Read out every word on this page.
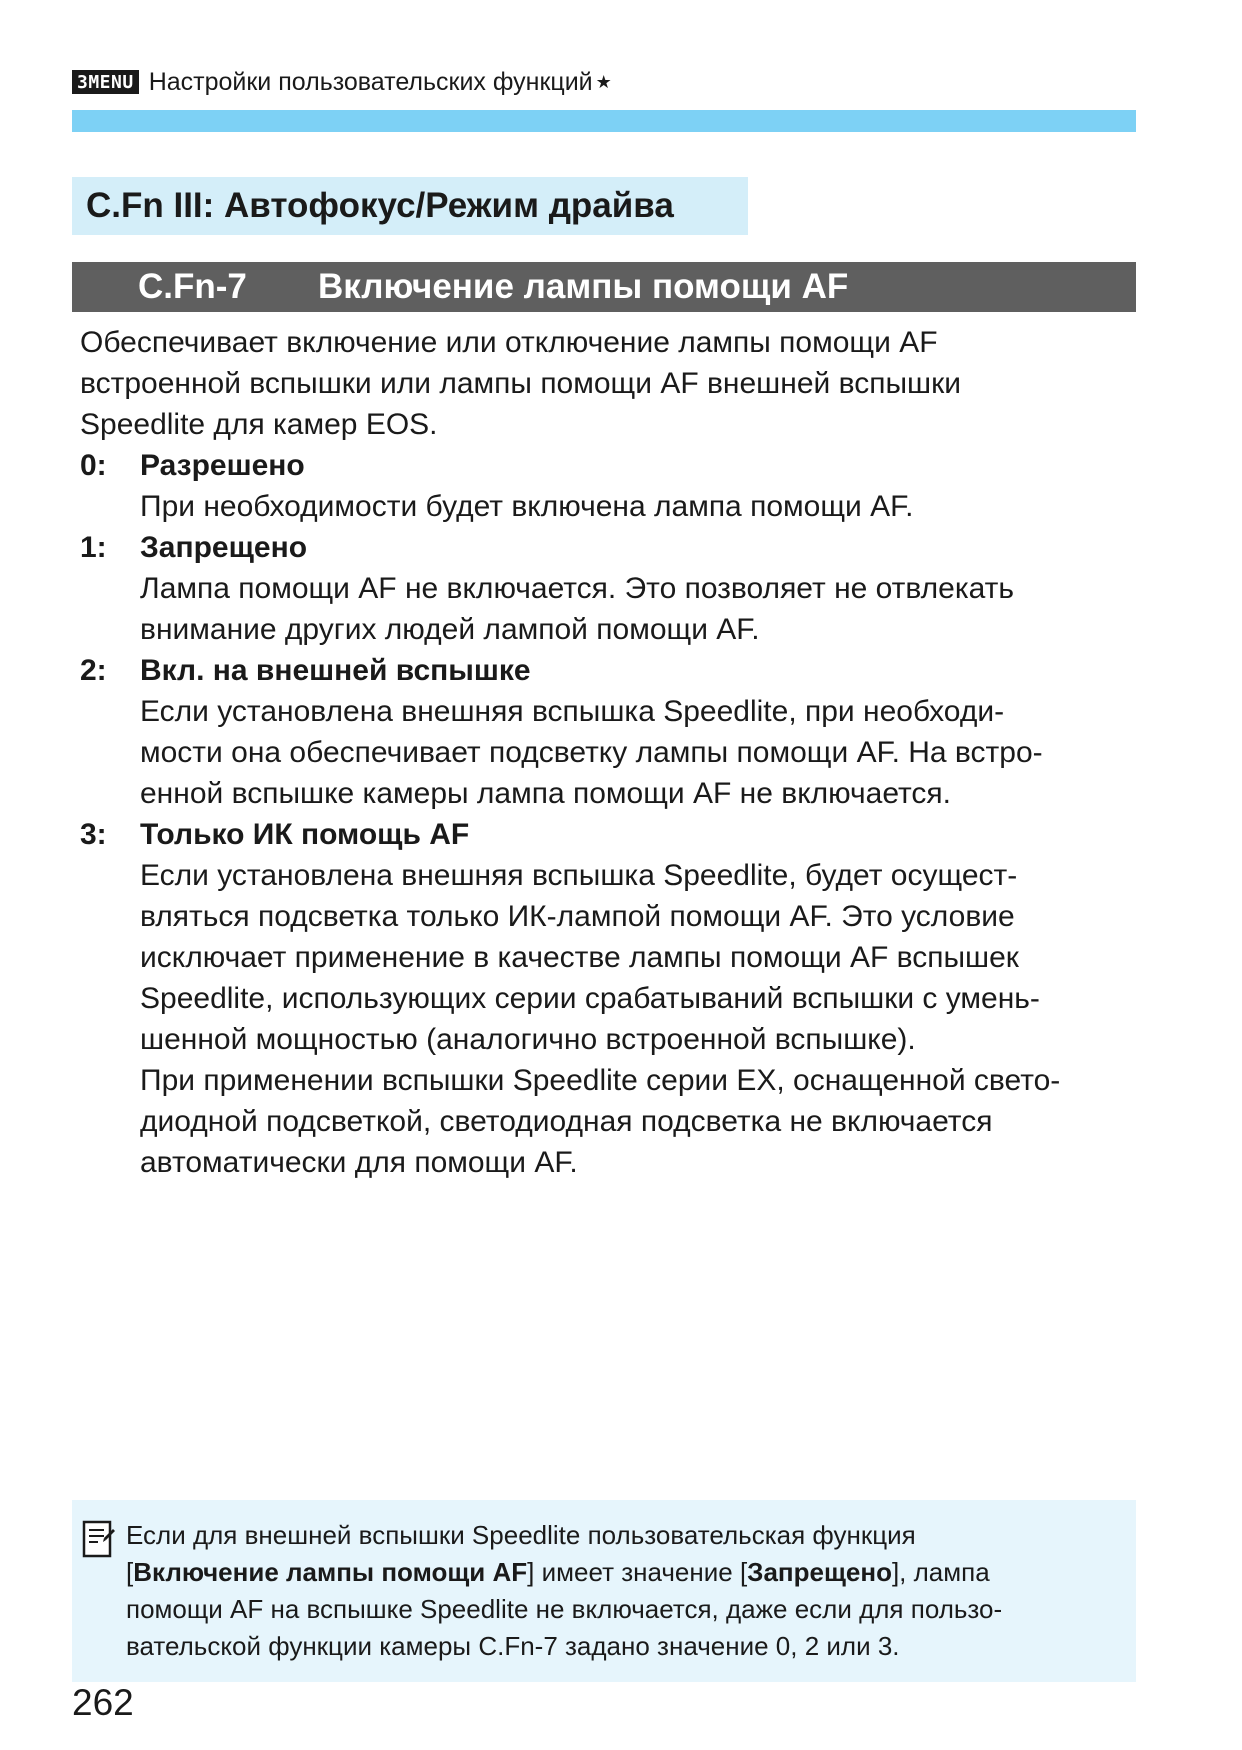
3MENU Настройки пользовательских функций ★
C.Fn III: Автофокус/Режим драйва
C.Fn-7	Включение лампы помощи AF
Обеспечивает включение или отключение лампы помощи AF
встроенной вспышки или лампы помощи AF внешней вспышки
Speedlite для камер EOS.
0:	Разрешено
При необходимости будет включена лампа помощи AF.
1:	Запрещено
Лампа помощи AF не включается. Это позволяет не отвлекать
внимание других людей лампой помощи AF.
2:	Вкл. на внешней вспышке
Если установлена внешняя вспышка Speedlite, при необходи-
мости она обеспечивает подсветку лампы помощи AF. На встро-
енной вспышке камеры лампа помощи AF не включается.
3:	Только ИК помощь AF
Если установлена внешняя вспышка Speedlite, будет осущест-
вляться подсветка только ИК-лампой помощи AF. Это условие
исключает применение в качестве лампы помощи AF вспышек
Speedlite, использующих серии срабатываний вспышки с умень-
шенной мощностью (аналогично встроенной вспышке).
При применении вспышки Speedlite серии EX, оснащенной свето-
диодной подсветкой, светодиодная подсветка не включается
автоматически для помощи AF.
Если для внешней вспышки Speedlite пользовательская функция
[Включение лампы помощи AF] имеет значение [Запрещено], лампа
помощи AF на вспышке Speedlite не включается, даже если для пользо-
вательской функции камеры C.Fn-7 задано значение 0, 2 или 3.
262
